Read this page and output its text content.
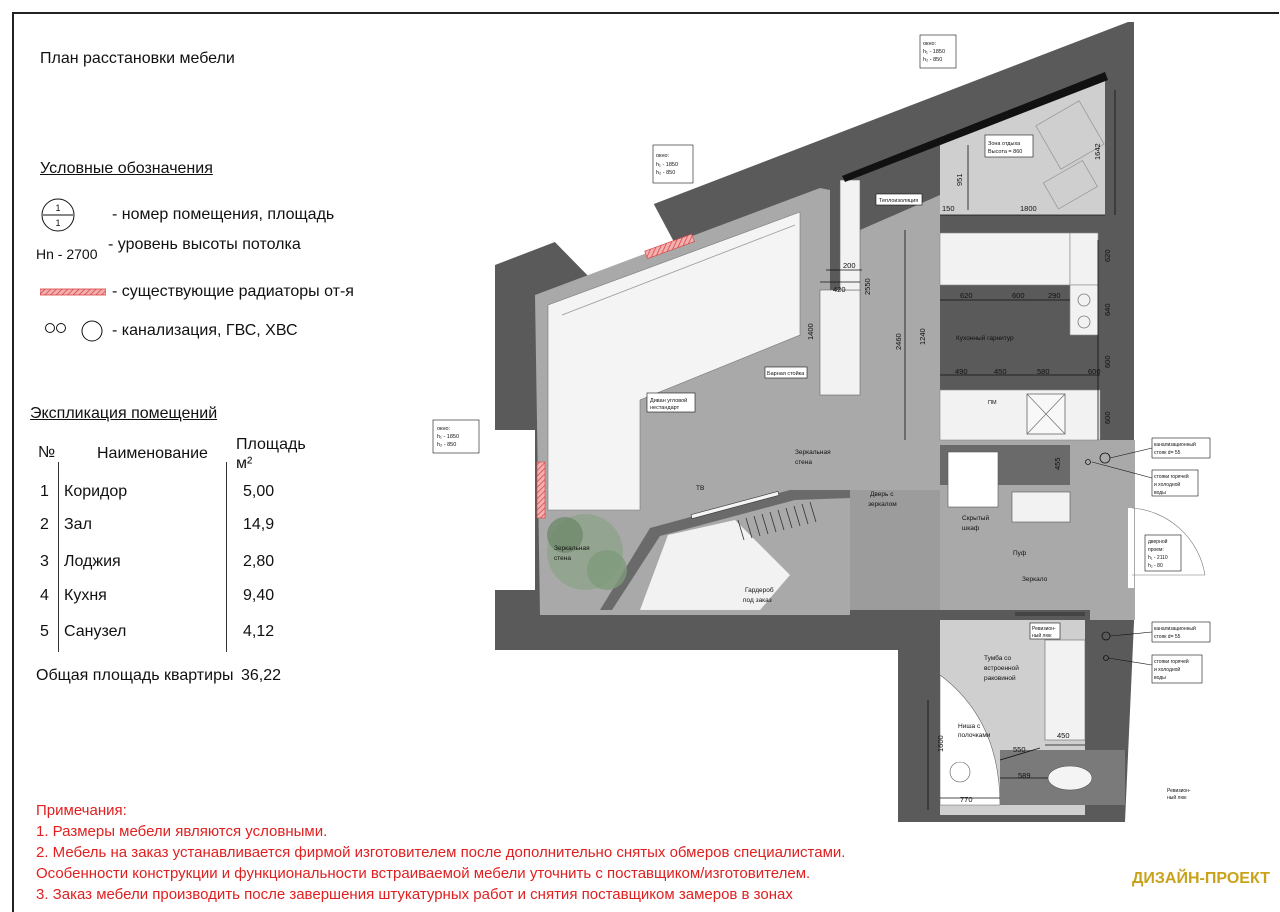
План расстановки мебели
Условные обозначения
1
1	- номер помещения, площадь
Hn - 2700
- уровень высоты потолка
- существующие радиаторы от-я
- канализация, ГВС, ХВС
Экспликация помещений
№	Наименование
Площадь
м²
1 Коридор	5,00
2 Зал	14,9
3 Лоджия	2,80
4 Кухня	9,40
5 Санузел	4,12
Общая площадь квартиры 36,22
Примечания:
1. Размеры мебели являются условными.
2. Мебель на заказ устанавливается фирмой изготовителем после дополнительно снятых обмеров специалистами.
Особенности конструкции и функциональности встраиваемой мебели уточнить с поставщиком/изготовителем.
3. Заказ мебели производить после завершения штукатурных работ и снятия поставщиком замеров в зонах
ДИЗАЙН-ПРОЕКТ
окно:
h₁ - 1850
h₂ - 850
окно:
h₁ - 1850
h₂ - 850
окно:
h₁ - 1850
h₂ - 850
Зона отдыха
Высота = 860
Теплоизоляция
Барная стойка
Диван угловой
нестандарт
Ревизион-
ный люк
Кухонный гарнитур
Зеркальная
стена
ТВ
Дверь с
зеркалом
Скрытый
шкаф
Пуф
Зеркало
Зеркальная
стена
Гардероб
под заказ
Тумба со
встроенной
раковиной
Ниша с
полочками
Ревизион-
ный люк
ПМ
канализационный
стояк d= 55
стояки горячей
и холодной
воды
дверной
проем:
h₁ - 2110
h₂ - 80
канализационный
стояк d= 55
стояки горячей
и холодной
воды
951
150	1800
1642
200
420 2550
1400
2460 1240
620	600	290
620
640
600
490	450	580	600
600
455
1600
770
550
450
589
